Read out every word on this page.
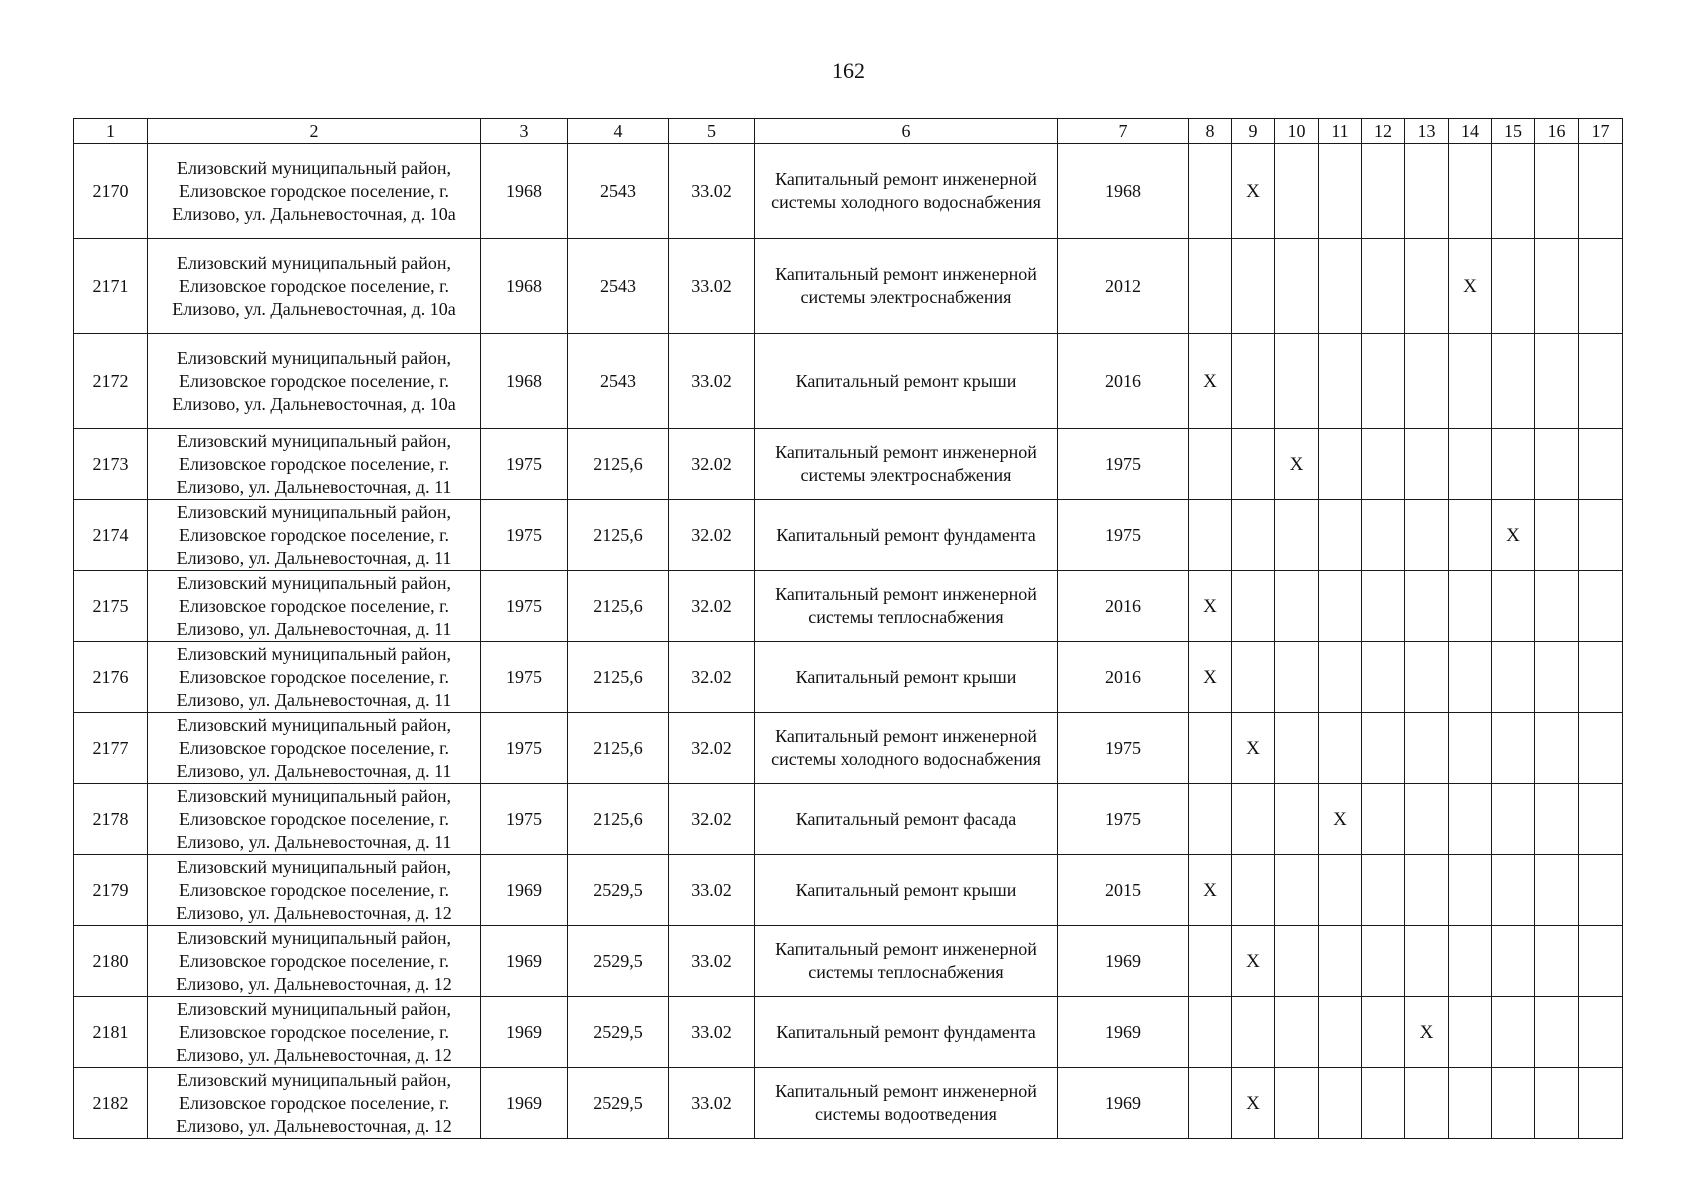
162
1	2	3	4	5	6	7	8	9	10	11	12	13	14	15	16	17
2170	Елизовский муниципальный район, Елизовское городское поселение, г. Елизово, ул. Дальневосточная, д. 10а	1968	2543	33.02	Капитальный ремонт инженерной системы холодного водоснабжения	1968		X								
2171	Елизовский муниципальный район, Елизовское городское поселение, г. Елизово, ул. Дальневосточная, д. 10а	1968	2543	33.02	Капитальный ремонт инженерной системы электроснабжения	2012							X			
2172	Елизовский муниципальный район, Елизовское городское поселение, г. Елизово, ул. Дальневосточная, д. 10а	1968	2543	33.02	Капитальный ремонт крыши	2016	X									
2173	Елизовский муниципальный район, Елизовское городское поселение, г. Елизово, ул. Дальневосточная, д. 11	1975	2125,6	32.02	Капитальный ремонт инженерной системы электроснабжения	1975			X							
2174	Елизовский муниципальный район, Елизовское городское поселение, г. Елизово, ул. Дальневосточная, д. 11	1975	2125,6	32.02	Капитальный ремонт фундамента	1975								X		
2175	Елизовский муниципальный район, Елизовское городское поселение, г. Елизово, ул. Дальневосточная, д. 11	1975	2125,6	32.02	Капитальный ремонт инженерной системы теплоснабжения	2016	X									
2176	Елизовский муниципальный район, Елизовское городское поселение, г. Елизово, ул. Дальневосточная, д. 11	1975	2125,6	32.02	Капитальный ремонт крыши	2016	X									
2177	Елизовский муниципальный район, Елизовское городское поселение, г. Елизово, ул. Дальневосточная, д. 11	1975	2125,6	32.02	Капитальный ремонт инженерной системы холодного водоснабжения	1975		X								
2178	Елизовский муниципальный район, Елизовское городское поселение, г. Елизово, ул. Дальневосточная, д. 11	1975	2125,6	32.02	Капитальный ремонт фасада	1975				X						
2179	Елизовский муниципальный район, Елизовское городское поселение, г. Елизово, ул. Дальневосточная, д. 12	1969	2529,5	33.02	Капитальный ремонт крыши	2015	X									
2180	Елизовский муниципальный район, Елизовское городское поселение, г. Елизово, ул. Дальневосточная, д. 12	1969	2529,5	33.02	Капитальный ремонт инженерной системы теплоснабжения	1969		X								
2181	Елизовский муниципальный район, Елизовское городское поселение, г. Елизово, ул. Дальневосточная, д. 12	1969	2529,5	33.02	Капитальный ремонт фундамента	1969						X				
2182	Елизовский муниципальный район, Елизовское городское поселение, г. Елизово, ул. Дальневосточная, д. 12	1969	2529,5	33.02	Капитальный ремонт инженерной системы водоотведения	1969		X								
